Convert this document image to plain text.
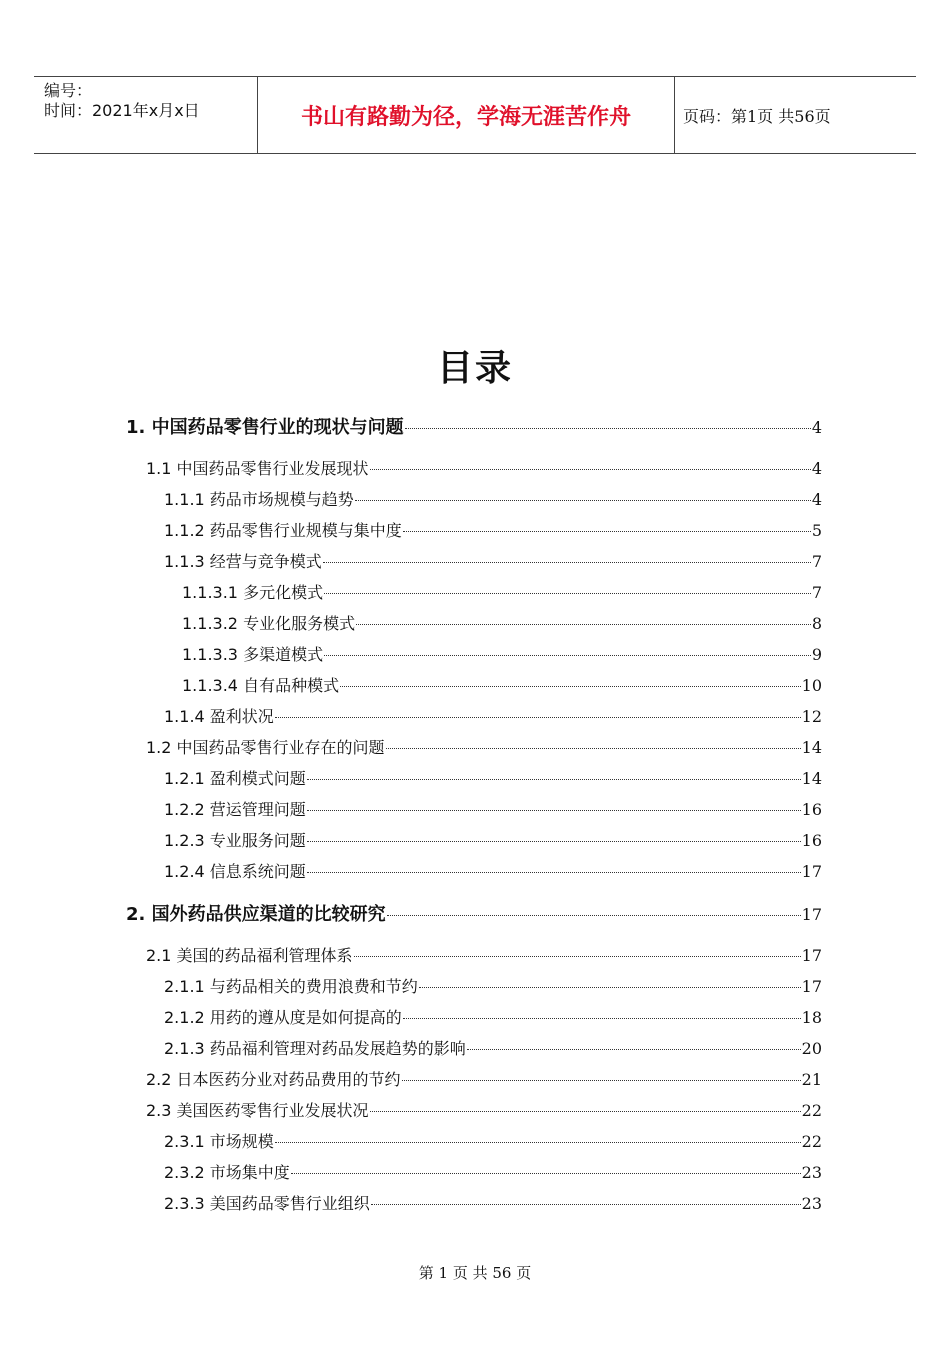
编号：
时间：2021年x月x日	书山有路勤为径，学海无涯苦作舟	页码：第1页 共56页
目录
1. 中国药品零售行业的现状与问题	4
1.1 中国药品零售行业发展现状	4
1.1.1 药品市场规模与趋势	4
1.1.2 药品零售行业规模与集中度	5
1.1.3 经营与竞争模式	7
1.1.3.1 多元化模式	7
1.1.3.2 专业化服务模式	8
1.1.3.3 多渠道模式	9
1.1.3.4 自有品种模式	10
1.1.4 盈利状况	12
1.2 中国药品零售行业存在的问题	14
1.2.1 盈利模式问题	14
1.2.2 营运管理问题	16
1.2.3 专业服务问题	16
1.2.4 信息系统问题	17
2. 国外药品供应渠道的比较研究	17
2.1 美国的药品福利管理体系	17
2.1.1 与药品相关的费用浪费和节约	17
2.1.2 用药的遵从度是如何提高的	18
2.1.3 药品福利管理对药品发展趋势的影响	20
2.2 日本医药分业对药品费用的节约	21
2.3 美国医药零售行业发展状况	22
2.3.1 市场规模	22
2.3.2 市场集中度	23
2.3.3 美国药品零售行业组织	23
第 1 页 共 56 页
